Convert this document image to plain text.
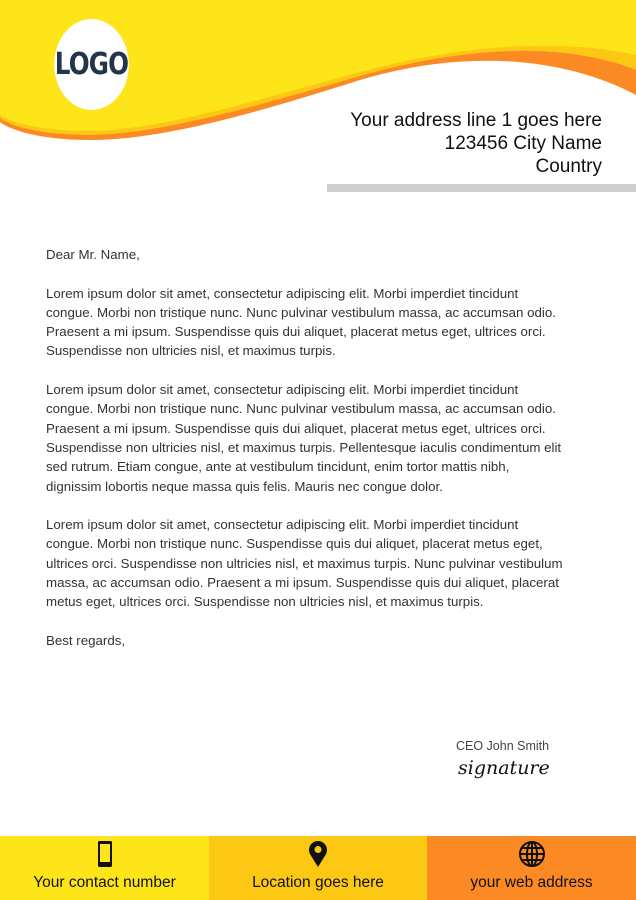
LOGO
Your address line 1 goes here
123456 City Name
Country
Dear Mr. Name,
Lorem ipsum dolor sit amet, consectetur adipiscing elit. Morbi imperdiet tincidunt
congue. Morbi non tristique nunc. Nunc pulvinar vestibulum massa, ac accumsan odio.
Praesent a mi ipsum. Suspendisse quis dui aliquet, placerat metus eget, ultrices orci.
Suspendisse non ultricies nisl, et maximus turpis.
Lorem ipsum dolor sit amet, consectetur adipiscing elit. Morbi imperdiet tincidunt
congue. Morbi non tristique nunc. Nunc pulvinar vestibulum massa, ac accumsan odio.
Praesent a mi ipsum. Suspendisse quis dui aliquet, placerat metus eget, ultrices orci.
Suspendisse non ultricies nisl, et maximus turpis. Pellentesque iaculis condimentum elit
sed rutrum. Etiam congue, ante at vestibulum tincidunt, enim tortor mattis nibh,
dignissim lobortis neque massa quis felis. Mauris nec congue dolor.
Lorem ipsum dolor sit amet, consectetur adipiscing elit. Morbi imperdiet tincidunt
congue. Morbi non tristique nunc. Suspendisse quis dui aliquet, placerat metus eget,
ultrices orci. Suspendisse non ultricies nisl, et maximus turpis. Nunc pulvinar vestibulum
massa, ac accumsan odio. Praesent a mi ipsum. Suspendisse quis dui aliquet, placerat
metus eget, ultrices orci. Suspendisse non ultricies nisl, et maximus turpis.
Best regards,
CEO John Smith
signature
Your contact number	Location goes here	your web address
